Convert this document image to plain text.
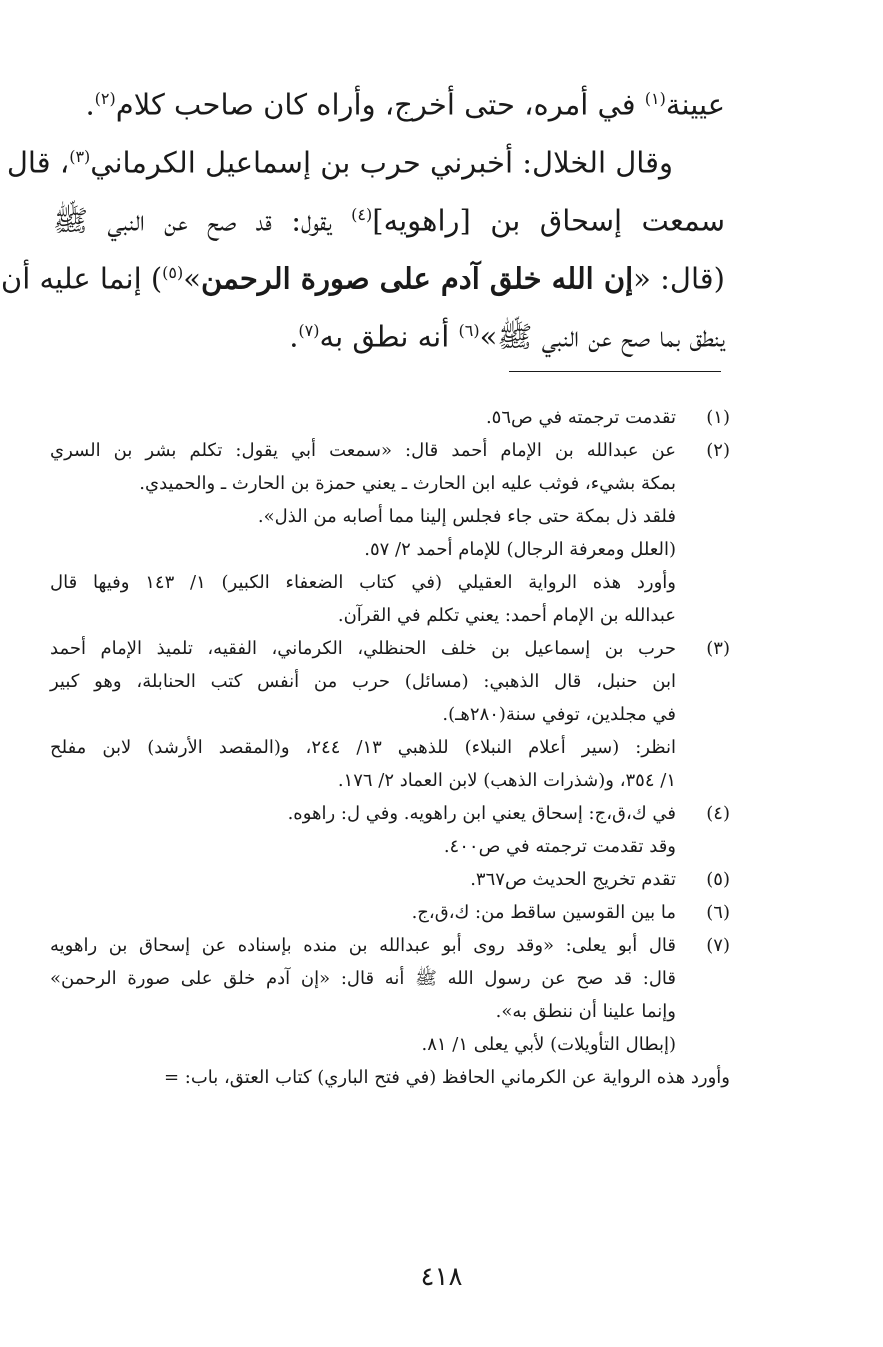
عيينة$^{(١)}$ في أمره، حتى أخرج، وأراه كان صاحب كلام$^{(٢)}$.
وقال الخلال: أخبرني حرب بن إسماعيل الكرماني$^{(٣)}$، قال
سمعت إسحاق بن [راهويه]$^{(٤)}$ يقول: قد صح عن النبي ﷺ
(قال: «إن الله خلق آدم على صورة الرحمن»$^{(٥)}$) إنما عليه أن
ينطق بما صح عن النبي ﷺ»$^{(٦)}$ أنه نطق به$^{(٧)}$.
(١)
تقدمت ترجمته في ص٥٦.
(٢)
عن عبدالله بن الإمام أحمد قال: «سمعت أبي يقول: تكلم بشر بن السري
بمكة بشيء، فوثب عليه ابن الحارث ـ يعني حمزة بن الحارث ـ والحميدي.
فلقد ذل بمكة حتى جاء فجلس إلينا مما أصابه من الذل».
(العلل ومعرفة الرجال) للإمام أحمد ٢/ ٥٧.
وأورد هذه الرواية العقيلي (في كتاب الضعفاء الكبير) ١/ ١٤٣ وفيها قال
عبدالله بن الإمام أحمد: يعني تكلم في القرآن.
(٣)
حرب بن إسماعيل بن خلف الحنظلي، الكرماني، الفقيه، تلميذ الإمام أحمد
ابن حنبل، قال الذهبي: (مسائل) حرب من أنفس كتب الحنابلة، وهو كبير
في مجلدين، توفي سنة(٢٨٠هـ).
انظر: (سير أعلام النبلاء) للذهبي ١٣/ ٢٤٤، و(المقصد الأرشد) لابن مفلح
١/ ٣٥٤، و(شذرات الذهب) لابن العماد ٢/ ١٧٦.
(٤)
في ك،ق،ج: إسحاق يعني ابن راهويه. وفي ل: راهوه.
وقد تقدمت ترجمته في ص٤٠٠.
(٥)
تقدم تخريج الحديث ص٣٦٧.
(٦)
ما بين القوسين ساقط من: ك،ق،ج.
(٧)
قال أبو يعلى: «وقد روى أبو عبدالله بن منده بإسناده عن إسحاق بن راهويه
قال: قد صح عن رسول الله ﷺ أنه قال: «إن آدم خلق على صورة الرحمن»
وإنما علينا أن ننطق به».
(إبطال التأويلات) لأبي يعلى ١/ ٨١.
وأورد هذه الرواية عن الكرماني الحافظ (في فتح الباري) كتاب العتق، باب: =
٤١٨
